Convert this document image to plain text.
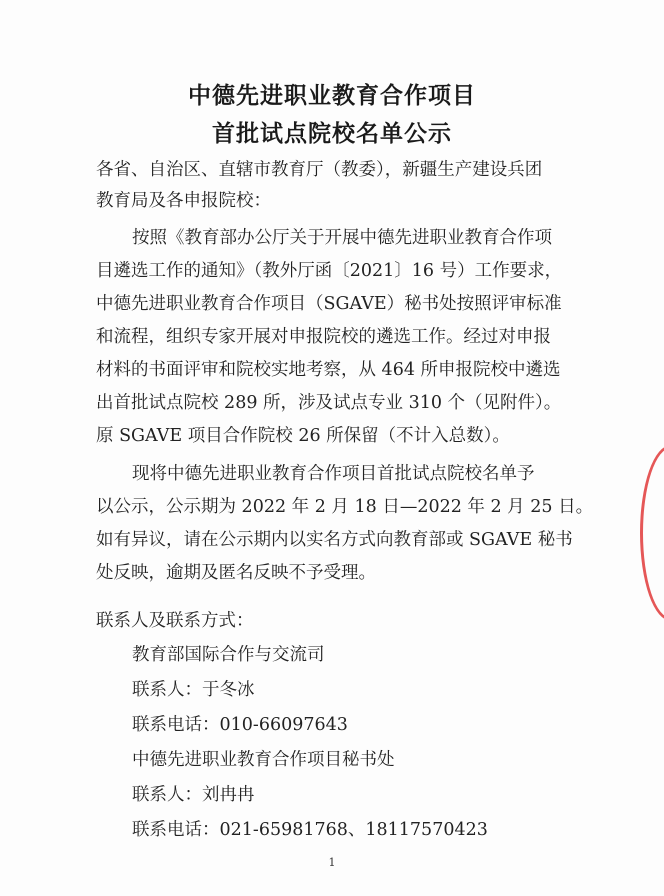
中德先进职业教育合作项目
首批试点院校名单公示
各省、自治区、直辖市教育厅（教委），新疆生产建设兵团
教育局及各申报院校：
按照《教育部办公厅关于开展中德先进职业教育合作项
目遴选工作的通知》（教外厅函〔2021〕16 号）工作要求，
中德先进职业教育合作项目（SGAVE）秘书处按照评审标准
和流程，组织专家开展对申报院校的遴选工作。经过对申报
材料的书面评审和院校实地考察，从 464 所申报院校中遴选
出首批试点院校 289 所，涉及试点专业 310 个（见附件）。
原 SGAVE 项目合作院校 26 所保留（不计入总数）。
现将中德先进职业教育合作项目首批试点院校名单予
以公示，公示期为 2022 年 2 月 18 日—2022 年 2 月 25 日。
如有异议，请在公示期内以实名方式向教育部或 SGAVE 秘书
处反映，逾期及匿名反映不予受理。
联系人及联系方式：
教育部国际合作与交流司
联系人：于冬冰
联系电话：010-66097643
中德先进职业教育合作项目秘书处
联系人：刘冉冉
联系电话：021-65981768、18117570423
1
